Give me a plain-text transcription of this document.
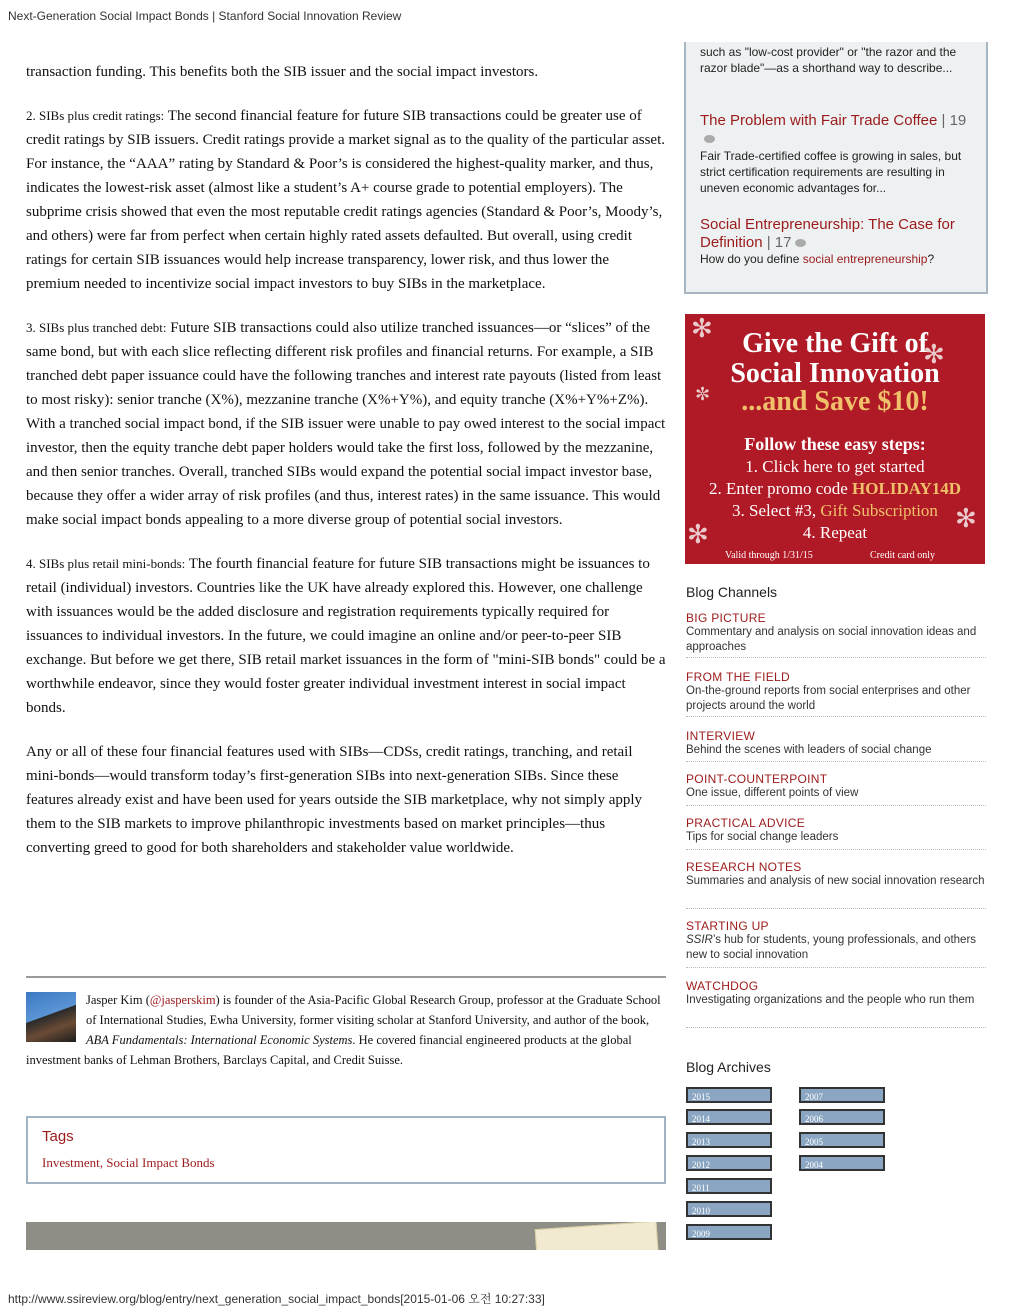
Next-Generation Social Impact Bonds | Stanford Social Innovation Review

transaction funding. This benefits both the SIB issuer and the social impact investors.

2. SIBs plus credit ratings: The second financial feature for future SIB transactions could be greater use of credit ratings by SIB issuers. Credit ratings provide a market signal as to the quality of the particular asset. For instance, the “AAA” rating by Standard & Poor’s is considered the highest-quality marker, and thus, indicates the lowest-risk asset (almost like a student’s A+ course grade to potential employers). The subprime crisis showed that even the most reputable credit ratings agencies (Standard & Poor’s, Moody’s, and others) were far from perfect when certain highly rated assets defaulted. But overall, using credit ratings for certain SIB issuances would help increase transparency, lower risk, and thus lower the premium needed to incentivize social impact investors to buy SIBs in the marketplace.

3. SIBs plus tranched debt: Future SIB transactions could also utilize tranched issuances—or “slices” of the same bond, but with each slice reflecting different risk profiles and financial returns. For example, a SIB tranched debt paper issuance could have the following tranches and interest rate payouts (listed from least to most risky): senior tranche (X%), mezzanine tranche (X%+Y%), and equity tranche (X%+Y%+Z%). With a tranched social impact bond, if the SIB issuer were unable to pay owed interest to the social impact investor, then the equity tranche debt paper holders would take the first loss, followed by the mezzanine, and then senior tranches. Overall, tranched SIBs would expand the potential social impact investor base, because they offer a wider array of risk profiles (and thus, interest rates) in the same issuance. This would make social impact bonds appealing to a more diverse group of potential social investors.

4. SIBs plus retail mini-bonds: The fourth financial feature for future SIB transactions might be issuances to retail (individual) investors. Countries like the UK have already explored this. However, one challenge with issuances would be the added disclosure and registration requirements typically required for issuances to individual investors. In the future, we could imagine an online and/or peer-to-peer SIB exchange. But before we get there, SIB retail market issuances in the form of "mini-SIB bonds" could be a worthwhile endeavor, since they would foster greater individual investment interest in social impact bonds.

Any or all of these four financial features used with SIBs—CDSs, credit ratings, tranching, and retail mini-bonds—would transform today’s first-generation SIBs into next-generation SIBs. Since these features already exist and have been used for years outside the SIB marketplace, why not simply apply them to the SIB markets to improve philanthropic investments based on market principles—thus converting greed to good for both shareholders and stakeholder value worldwide.

Jasper Kim (@jasperskim) is founder of the Asia-Pacific Global Research Group, professor at the Graduate School of International Studies, Ewha University, former visiting scholar at Stanford University, and author of the book, ABA Fundamentals: International Economic Systems. He covered financial engineered products at the global investment banks of Lehman Brothers, Barclays Capital, and Credit Suisse.
Tags
Investment, Social Impact Bonds
such as "low-cost provider" or "the razor and the razor blade"—as a shorthand way to describe...
The Problem with Fair Trade Coffee | 19
Fair Trade-certified coffee is growing in sales, but strict certification requirements are resulting in uneven economic advantages for...
Social Entrepreneurship: The Case for Definition | 17
How do you define social entrepreneurship?
✻
✻
✻
✻
✼
Give the Gift of
Social Innovation
...and Save $10!
Follow these easy steps:
1. Click here to get started
2. Enter promo code HOLIDAY14D
3. Select #3, Gift Subscription
4. Repeat
Valid through 1/31/15	Credit card only
Blog Channels
BIG PICTURE
Commentary and analysis on social innovation ideas and approaches
FROM THE FIELD
On-the-ground reports from social enterprises and other projects around the world
INTERVIEW
Behind the scenes with leaders of social change
POINT-COUNTERPOINT
One issue, different points of view
PRACTICAL ADVICE
Tips for social change leaders
RESEARCH NOTES
Summaries and analysis of new social innovation research
STARTING UP
SSIR’s hub for students, young professionals, and others new to social innovation
WATCHDOG
Investigating organizations and the people who run them
Blog Archives
2015
2014
2013
2012
2011
2010
2009
2007
2006
2005
2004
http://www.ssireview.org/blog/entry/next_generation_social_impact_bonds[2015-01-06 오전 10:27:33]
